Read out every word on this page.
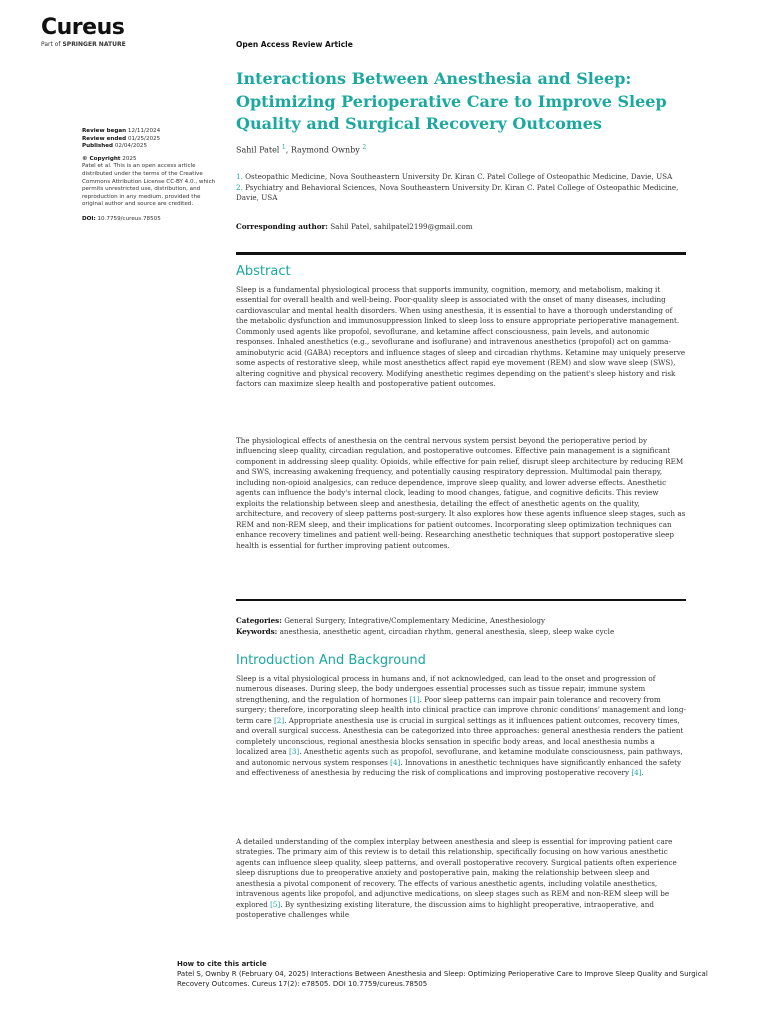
Cureus
Part of SPRINGER NATURE	Open Access Review Article
Interactions Between Anesthesia and Sleep: Optimizing Perioperative Care to Improve Sleep Quality and Surgical Recovery Outcomes
Sahil Patel $^1$, Raymond Ownby $^2$
1. Osteopathic Medicine, Nova Southeastern University Dr. Kiran C. Patel College of Osteopathic Medicine, Davie, USA
2. Psychiatry and Behavioral Sciences, Nova Southeastern University Dr. Kiran C. Patel College of Osteopathic Medicine, Davie, USA
Corresponding author: Sahil Patel, sahilpatel2199@gmail.com
Review began 12/11/2024
Review ended 01/25/2025
Published 02/04/2025
© Copyright 2025
Patel et al. This is an open access article distributed under the terms of the Creative Commons Attribution License CC-BY 4.0., which permits unrestricted use, distribution, and reproduction in any medium, provided the original author and source are credited.
DOI: 10.7759/cureus.78505
Abstract

Sleep is a fundamental physiological process that supports immunity, cognition, memory, and metabolism, making it essential for overall health and well-being. Poor-quality sleep is associated with the onset of many diseases, including cardiovascular and mental health disorders. When using anesthesia, it is essential to have a thorough understanding of the metabolic dysfunction and immunosuppression linked to sleep loss to ensure appropriate perioperative management. Commonly used agents like propofol, sevoflurane, and ketamine affect consciousness, pain levels, and autonomic responses. Inhaled anesthetics (e.g., sevoflurane and isoflurane) and intravenous anesthetics (propofol) act on gamma-aminobutyric acid (GABA) receptors and influence stages of sleep and circadian rhythms. Ketamine may uniquely preserve some aspects of restorative sleep, while most anesthetics affect rapid eye movement (REM) and slow wave sleep (SWS), altering cognitive and physical recovery. Modifying anesthetic regimes depending on the patient's sleep history and risk factors can maximize sleep health and postoperative patient outcomes.

The physiological effects of anesthesia on the central nervous system persist beyond the perioperative period by influencing sleep quality, circadian regulation, and postoperative outcomes. Effective pain management is a significant component in addressing sleep quality. Opioids, while effective for pain relief, disrupt sleep architecture by reducing REM and SWS, increasing awakening frequency, and potentially causing respiratory depression. Multimodal pain therapy, including non-opioid analgesics, can reduce dependence, improve sleep quality, and lower adverse effects. Anesthetic agents can influence the body's internal clock, leading to mood changes, fatigue, and cognitive deficits. This review exploits the relationship between sleep and anesthesia, detailing the effect of anesthetic agents on the quality, architecture, and recovery of sleep patterns post-surgery. It also explores how these agents influence sleep stages, such as REM and non-REM sleep, and their implications for patient outcomes. Incorporating sleep optimization techniques can enhance recovery timelines and patient well-being. Researching anesthetic techniques that support postoperative sleep health is essential for further improving patient outcomes.

Categories: General Surgery, Integrative/Complementary Medicine, Anesthesiology
Keywords: anesthesia, anesthetic agent, circadian rhythm, general anesthesia, sleep, sleep wake cycle
Introduction And Background

Sleep is a vital physiological process in humans and, if not acknowledged, can lead to the onset and progression of numerous diseases. During sleep, the body undergoes essential processes such as tissue repair, immune system strengthening, and the regulation of hormones [1]. Poor sleep patterns can impair pain tolerance and recovery from surgery; therefore, incorporating sleep health into clinical practice can improve chronic conditions' management and long-term care [2]. Appropriate anesthesia use is crucial in surgical settings as it influences patient outcomes, recovery times, and overall surgical success. Anesthesia can be categorized into three approaches: general anesthesia renders the patient completely unconscious, regional anesthesia blocks sensation in specific body areas, and local anesthesia numbs a localized area [3]. Anesthetic agents such as propofol, sevoflurane, and ketamine modulate consciousness, pain pathways, and autonomic nervous system responses [4]. Innovations in anesthetic techniques have significantly enhanced the safety and effectiveness of anesthesia by reducing the risk of complications and improving postoperative recovery [4].

A detailed understanding of the complex interplay between anesthesia and sleep is essential for improving patient care strategies. The primary aim of this review is to detail this relationship, specifically focusing on how various anesthetic agents can influence sleep quality, sleep patterns, and overall postoperative recovery. Surgical patients often experience sleep disruptions due to preoperative anxiety and postoperative pain, making the relationship between sleep and anesthesia a pivotal component of recovery. The effects of various anesthetic agents, including volatile anesthetics, intravenous agents like propofol, and adjunctive medications, on sleep stages such as REM and non-REM sleep will be explored [5]. By synthesizing existing literature, the discussion aims to highlight preoperative, intraoperative, and postoperative challenges while

How to cite this article
Patel S, Ownby R (February 04, 2025) Interactions Between Anesthesia and Sleep: Optimizing Perioperative Care to Improve Sleep Quality and Surgical Recovery Outcomes. Cureus 17(2): e78505. DOI 10.7759/cureus.78505
